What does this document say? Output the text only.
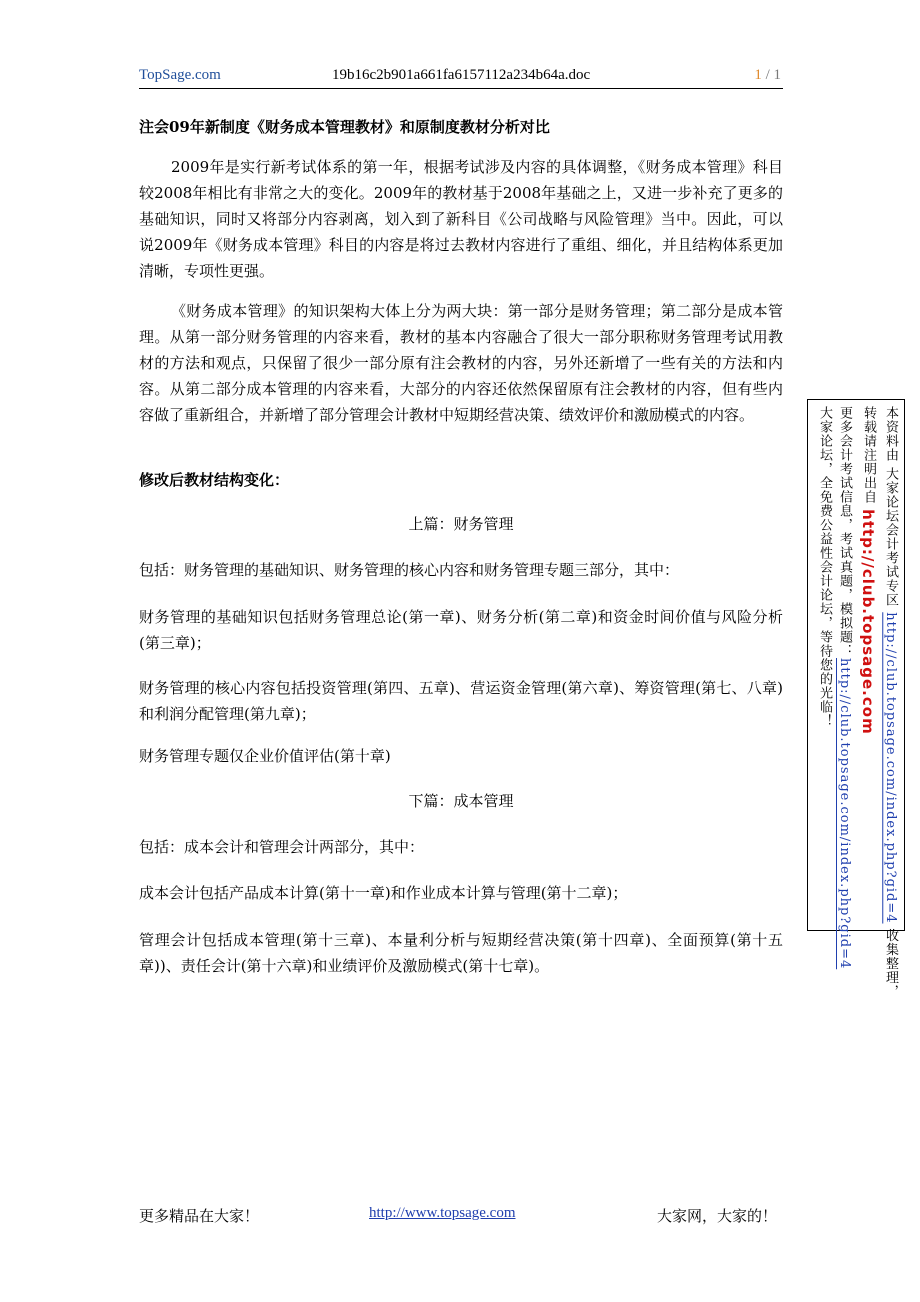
TopSage.com	19b16c2b901a661fa6157112a234b64a.doc	1 / 1

注会09年新制度《财务成本管理教材》和原制度教材分析对比

2009年是实行新考试体系的第一年，根据考试涉及内容的具体调整，《财务成本管理》科目较2008年相比有非常之大的变化。2009年的教材基于2008年基础之上，又进一步补充了更多的基础知识，同时又将部分内容剥离，划入到了新科目《公司战略与风险管理》当中。因此，可以说2009年《财务成本管理》科目的内容是将过去教材内容进行了重组、细化，并且结构体系更加清晰，专项性更强。

《财务成本管理》的知识架构大体上分为两大块：第一部分是财务管理；第二部分是成本管理。从第一部分财务管理的内容来看，教材的基本内容融合了很大一部分职称财务管理考试用教材的方法和观点，只保留了很少一部分原有注会教材的内容，另外还新增了一些有关的方法和内容。从第二部分成本管理的内容来看，大部分的内容还依然保留原有注会教材的内容，但有些内容做了重新组合，并新增了部分管理会计教材中短期经营决策、绩效评价和激励模式的内容。

修改后教材结构变化：

上篇：财务管理

包括：财务管理的基础知识、财务管理的核心内容和财务管理专题三部分，其中：

财务管理的基础知识包括财务管理总论(第一章)、财务分析(第二章)和资金时间价值与风险分析(第三章)；

财务管理的核心内容包括投资管理(第四、五章)、营运资金管理(第六章)、筹资管理(第七、八章)和利润分配管理(第九章)；

财务管理专题仅企业价值评估(第十章)

下篇：成本管理

包括：成本会计和管理会计两部分，其中：

成本会计包括产品成本计算(第十一章)和作业成本计算与管理(第十二章)；

管理会计包括成本管理(第十三章)、本量利分析与短期经营决策(第十四章)、全面预算(第十五章))、责任会计(第十六章)和业绩评价及激励模式(第十七章)。

本资料由 大家论坛会计考试专区 http://club.topsage.com/index.php?gid=4 收集整理，
转载请注明出自 http://club.topsage.com
更多会计考试信息，考试真题，模拟题：http://club.topsage.com/index.php?gid=4
大家论坛，全免费公益性会计论坛，等待您的光临！
更多精品在大家！	http://www.topsage.com	大家网，大家的！
